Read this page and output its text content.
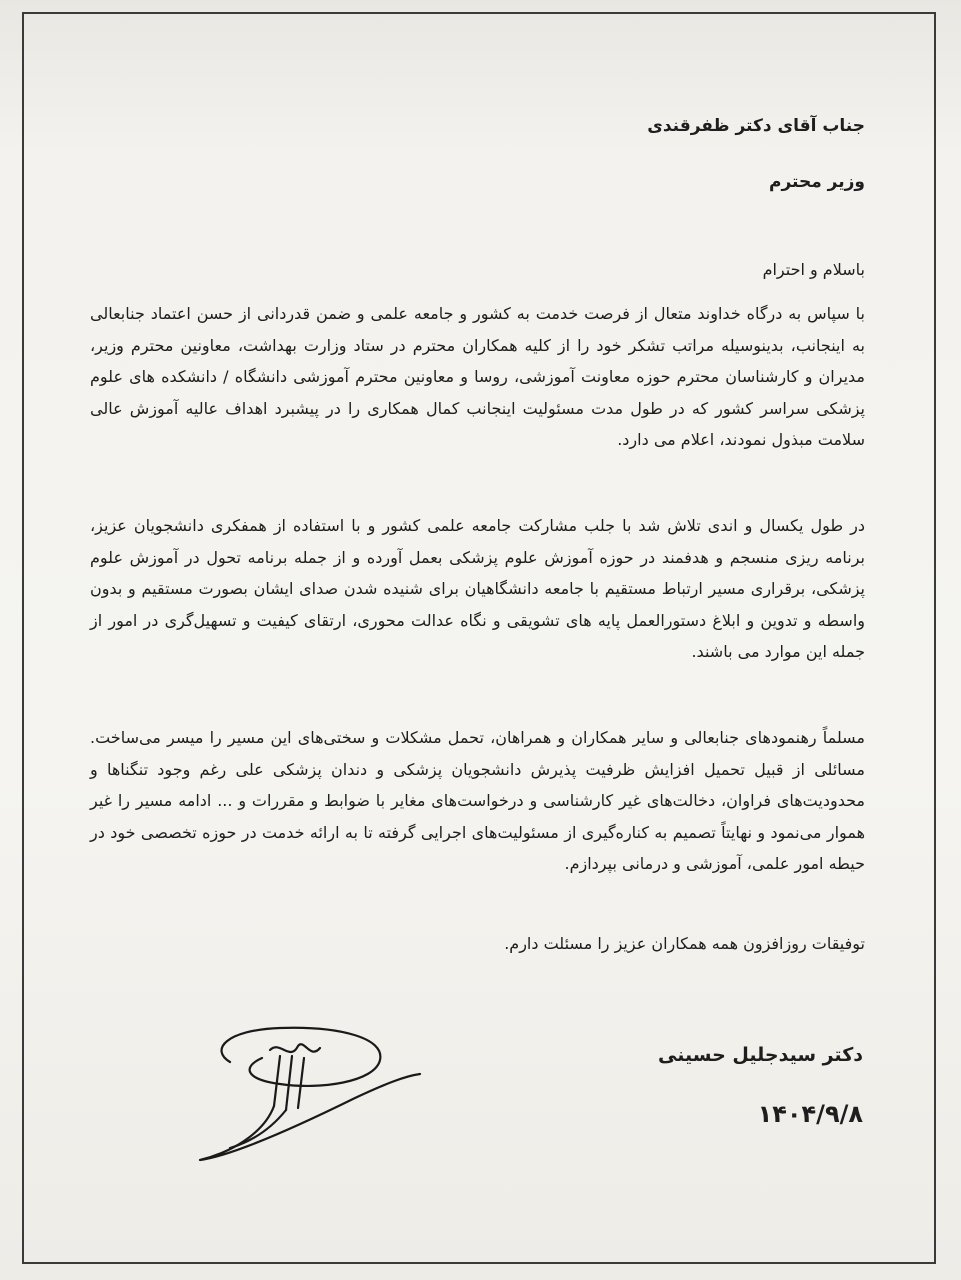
جناب آقای دکتر ظفرقندی
وزیر محترم
باسلام و احترام
با سپاس به درگاه خداوند متعال از فرصت خدمت به کشور و جامعه علمی و ضمن قدردانی از حسن اعتماد جنابعالی به اینجانب، بدینوسیله مراتب تشکر خود را از کلیه همکاران محترم در ستاد وزارت بهداشت، معاونین محترم وزیر، مدیران و کارشناسان محترم حوزه معاونت آموزشی، روسا و معاونین محترم آموزشی دانشگاه / دانشکده های علوم پزشکی سراسر کشور که در طول مدت مسئولیت اینجانب کمال همکاری را در پیشبرد اهداف عالیه آموزش عالی سلامت مبذول نمودند، اعلام می دارد.
در طول یکسال و اندی تلاش شد با جلب مشارکت جامعه علمی کشور و با استفاده از همفکری دانشجویان عزیز، برنامه ریزی منسجم و هدفمند در حوزه آموزش علوم پزشکی بعمل آورده و از جمله برنامه تحول در آموزش علوم پزشکی، برقراری مسیر ارتباط مستقیم با جامعه دانشگاهیان برای شنیده شدن صدای ایشان بصورت مستقیم و بدون واسطه و تدوین و ابلاغ دستورالعمل پایه های تشویقی و نگاه عدالت محوری، ارتقای کیفیت و تسهیل‌گری در امور از جمله این موارد می باشند.
مسلماً رهنمودهای جنابعالی و سایر همکاران و همراهان، تحمل مشکلات و سختی‌های این مسیر را میسر می‌ساخت. مسائلی از قبیل تحمیل افزایش ظرفیت پذیرش دانشجو‌یان پزشکی و دندان پزشکی علی رغم وجود تنگناها و محدودیت‌های فراوان، دخالت‌های غیر کارشناسی و درخواست‌های مغایر با ضوابط و مقررات و ... ادامه مسیر را غیر هموار می‌نمود و نهایتاً تصمیم به کناره‌گیری از مسئولیت‌های اجرایی گرفته تا به ارائه خدمت در حوزه تخصصی خود در حیطه امور علمی، آموزشی و درمانی بپردازم.
توفیقات روزافزون همه همکاران عزیز را مسئلت دارم.
دکتر سیدجلیل حسینی
۱۴۰۴/۹/۸
